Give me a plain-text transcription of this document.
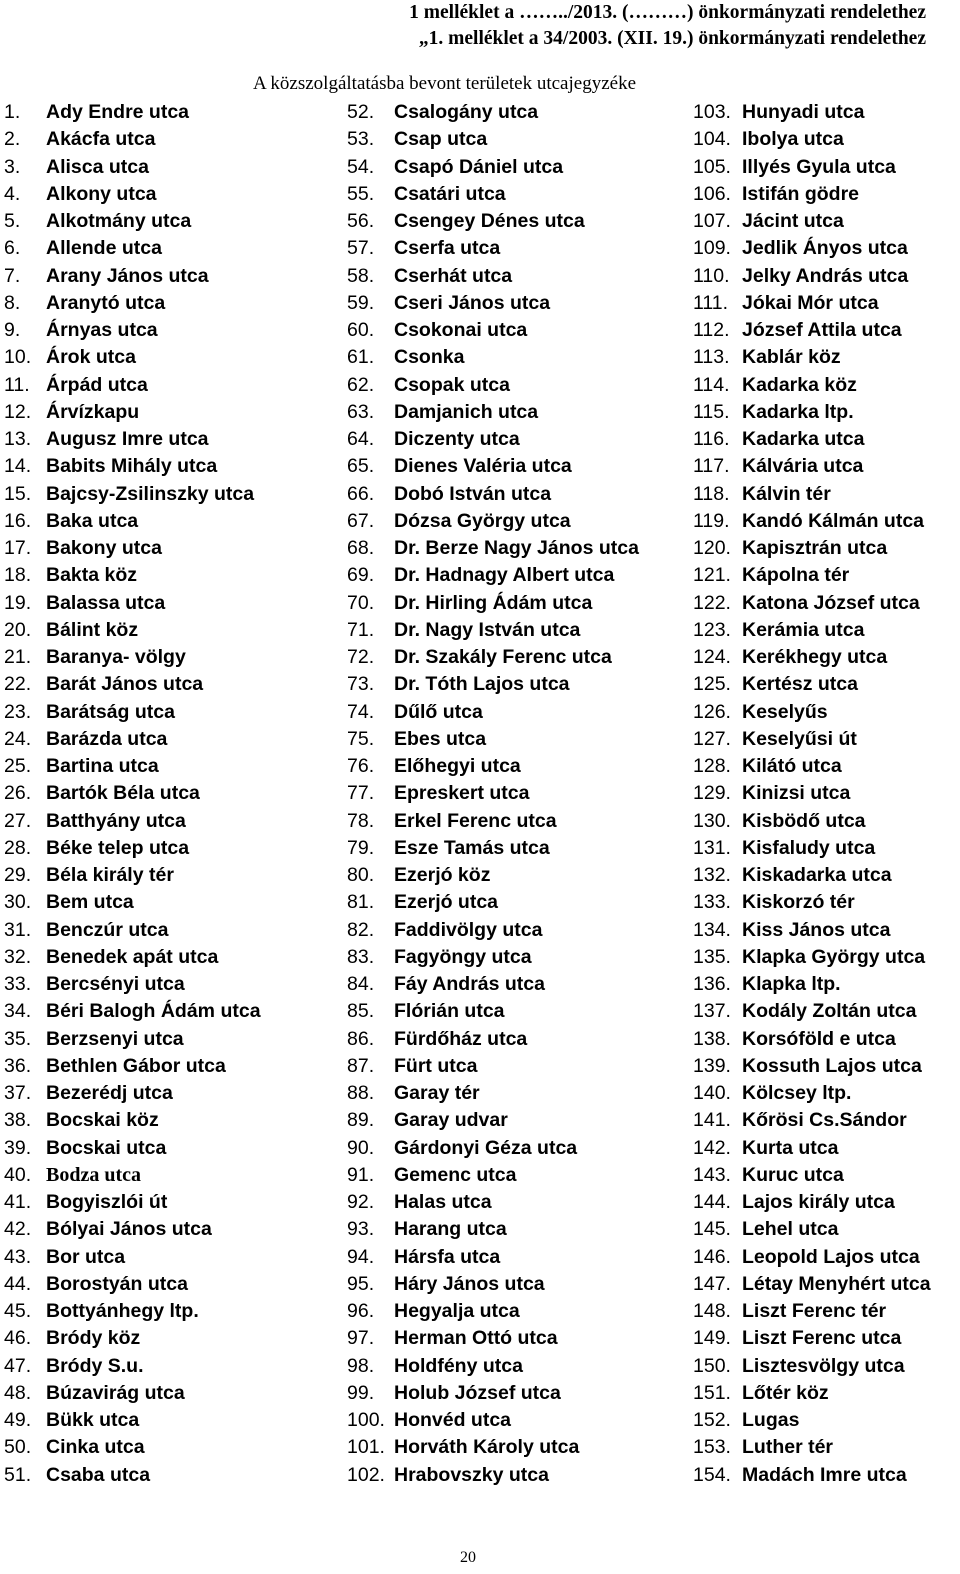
1 melléklet a ……../2013. (………) önkormányzati rendelethez
„1. melléklet a 34/2003. (XII. 19.) önkormányzati rendelethez
A közszolgáltatásba bevont területek utcajegyzéke
1. Ady Endre utca
2. Akácfa utca
3. Alisca utca
4. Alkony utca
5. Alkotmány utca
6. Allende utca
7. Arany János utca
8. Aranytó utca
9. Árnyas utca
10. Árok utca
11. Árpád utca
12. Árvízkapu
13. Augusz Imre utca
14. Babits Mihály utca
15. Bajcsy-Zsilinszky utca
16. Baka utca
17. Bakony utca
18. Bakta köz
19. Balassa utca
20. Bálint köz
21. Baranya- völgy
22. Barát János utca
23. Barátság utca
24. Barázda utca
25. Bartina utca
26. Bartók Béla utca
27. Batthyány utca
28. Béke telep utca
29. Béla király tér
30. Bem utca
31. Benczúr utca
32. Benedek apát utca
33. Bercsényi utca
34. Béri Balogh Ádám utca
35. Berzsenyi utca
36. Bethlen Gábor utca
37. Bezerédj utca
38. Bocskai köz
39. Bocskai utca
40. Bodza utca
41. Bogyiszlói út
42. Bólyai János utca
43. Bor utca
44. Borostyán utca
45. Bottyánhegy ltp.
46. Bródy köz
47. Bródy S.u.
48. Búzavirág utca
49. Bükk utca
50. Cinka utca
51. Csaba utca
52. Csalogány utca
53. Csap utca
54. Csapó Dániel utca
55. Csatári utca
56. Csengey Dénes utca
57. Cserfa utca
58. Cserhát utca
59. Cseri János utca
60. Csokonai utca
61. Csonka
62. Csopak utca
63. Damjanich utca
64. Diczenty utca
65. Dienes Valéria utca
66. Dobó István utca
67. Dózsa György utca
68. Dr. Berze Nagy János utca
69. Dr. Hadnagy Albert utca
70. Dr. Hirling Ádám utca
71. Dr. Nagy István utca
72. Dr. Szakály Ferenc utca
73. Dr. Tóth Lajos utca
74. Dűlő utca
75. Ebes utca
76. Előhegyi utca
77. Epreskert utca
78. Erkel Ferenc utca
79. Esze Tamás utca
80. Ezerjó köz
81. Ezerjó utca
82. Faddivölgy utca
83. Fagyöngy utca
84. Fáy András utca
85. Flórián utca
86. Fürdőház utca
87. Fürt utca
88. Garay tér
89. Garay udvar
90. Gárdonyi Géza utca
91. Gemenc utca
92. Halas utca
93. Harang utca
94. Hársfa utca
95. Háry János utca
96. Hegyalja utca
97. Herman Ottó utca
98. Holdfény utca
99. Holub József utca
100. Honvéd utca
101. Horváth Károly utca
102. Hrabovszky utca
103. Hunyadi utca
104. Ibolya utca
105. Illyés Gyula utca
106. Istifán gödre
107. Jácint utca
109. Jedlik Ányos utca
110. Jelky András utca
111. Jókai Mór utca
112. József Attila utca
113. Kablár köz
114. Kadarka köz
115. Kadarka ltp.
116. Kadarka utca
117. Kálvária utca
118. Kálvin tér
119. Kandó Kálmán utca
120. Kapisztrán utca
121. Kápolna tér
122. Katona József utca
123. Kerámia utca
124. Kerékhegy utca
125. Kertész utca
126. Keselyűs
127. Keselyűsi út
128. Kilátó utca
129. Kinizsi utca
130. Kisbödő utca
131. Kisfaludy utca
132. Kiskadarka utca
133. Kiskorzó tér
134. Kiss János utca
135. Klapka György utca
136. Klapka ltp.
137. Kodály Zoltán utca
138. Korsóföld e utca
139. Kossuth Lajos utca
140. Kölcsey ltp.
141. Kőrösi Cs.Sándor
142. Kurta utca
143. Kuruc utca
144. Lajos király utca
145. Lehel utca
146. Leopold Lajos utca
147. Létay Menyhért utca
148. Liszt Ferenc tér
149. Liszt Ferenc utca
150. Lisztesvölgy utca
151. Lőtér köz
152. Lugas
153. Luther tér
154. Madách Imre utca
20
